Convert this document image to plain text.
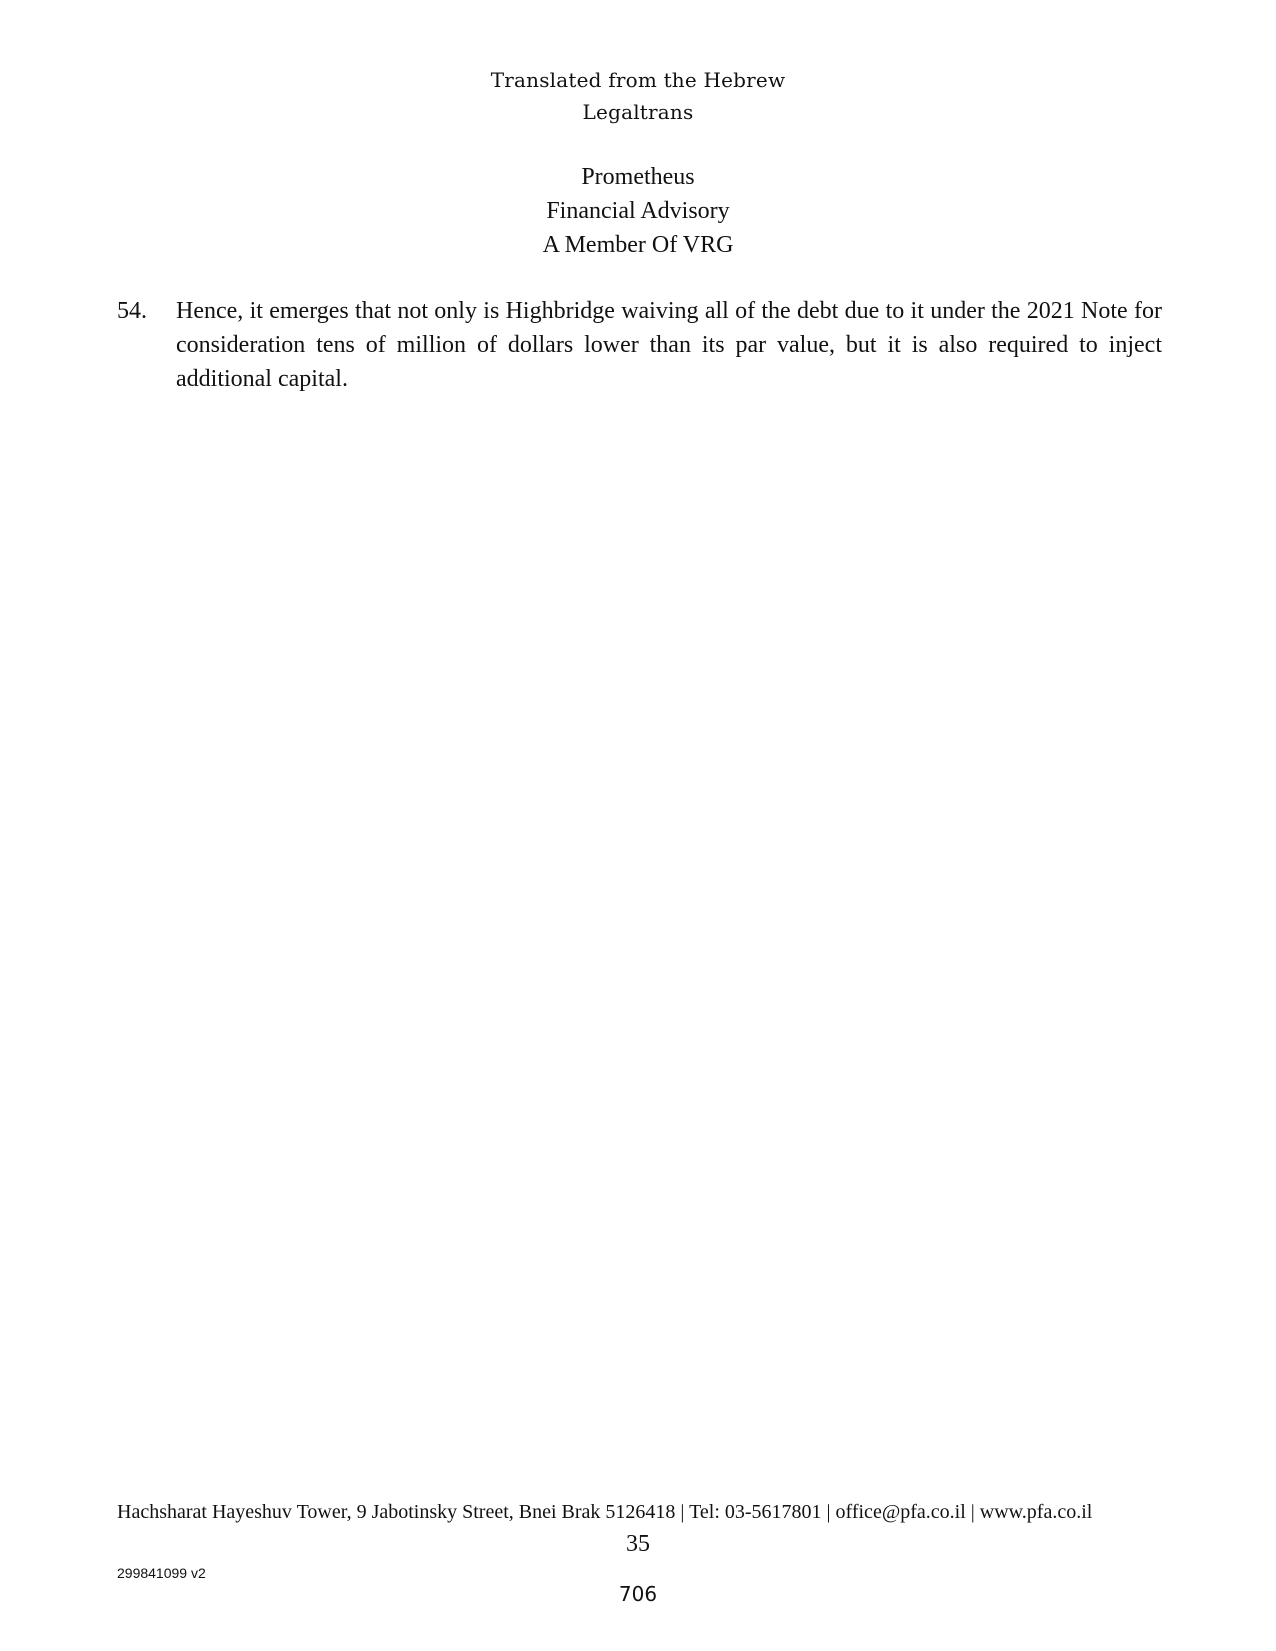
Translated from the Hebrew
Legaltrans
Prometheus
Financial Advisory
A Member Of VRG
54.	Hence, it emerges that not only is Highbridge waiving all of the debt due to it under the 2021 Note for consideration tens of million of dollars lower than its par value, but it is also required to inject additional capital.
Hachsharat Hayeshuv Tower, 9 Jabotinsky Street, Bnei Brak 5126418 | Tel: 03-5617801 | office@pfa.co.il | www.pfa.co.il
35
299841099 v2
706
